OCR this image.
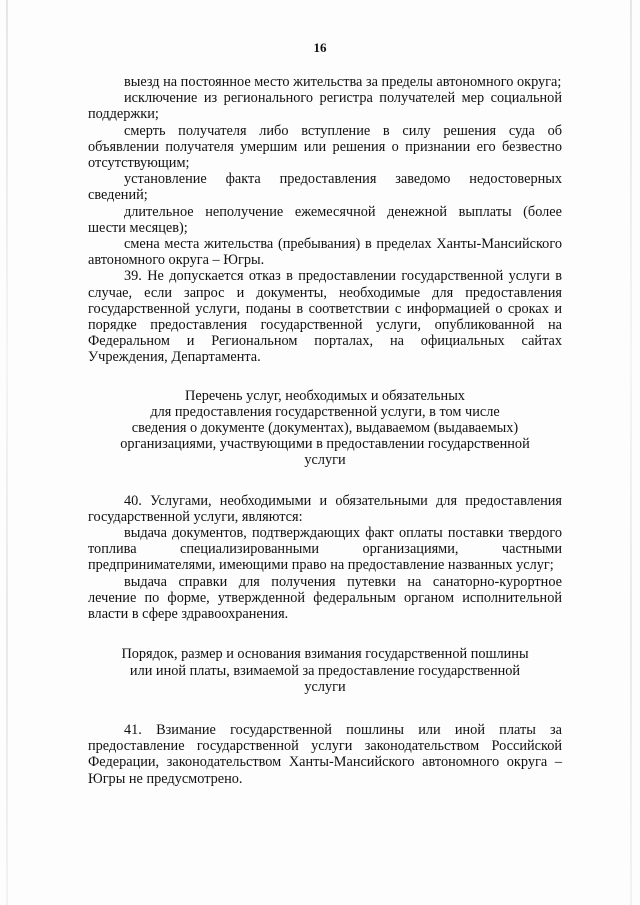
16

выезд на постоянное место жительства за пределы автономного округа;

исключение из регионального регистра получателей мер социальной поддержки;

смерть получателя либо вступление в силу решения суда об объявлении получателя умершим или решения о признании его безвестно отсутствующим;

установление факта предоставления заведомо недостоверных сведений;

длительное неполучение ежемесячной денежной выплаты (более шести месяцев);

смена места жительства (пребывания) в пределах Ханты-Мансийского автономного округа – Югры.

39. Не допускается отказ в предоставлении государственной услуги в случае, если запрос и документы, необходимые для предоставления государственной услуги, поданы в соответствии с информацией о сроках и порядке предоставления государственной услуги, опубликованной на Федеральном и Региональном порталах, на официальных сайтах Учреждения, Департамента.

Перечень услуг, необходимых и обязательных

для предоставления государственной услуги, в том числе

сведения о документе (документах), выдаваемом (выдаваемых)

организациями, участвующими в предоставлении государственной

услуги

40. Услугами, необходимыми и обязательными для предоставления государственной услуги, являются:

выдача документов, подтверждающих факт оплаты поставки твердого топлива специализированными организациями, частными предпринимателями, имеющими право на предоставление названных услуг;

выдача справки для получения путевки на санаторно-курортное лечение по форме, утвержденной федеральным органом исполнительной власти в сфере здравоохранения.

Порядок, размер и основания взимания государственной пошлины

или иной платы, взимаемой за предоставление государственной

услуги

41. Взимание государственной пошлины или иной платы за предоставление государственной услуги законодательством Российской Федерации, законодательством Ханты-Мансийского автономного округа – Югры не предусмотрено.
